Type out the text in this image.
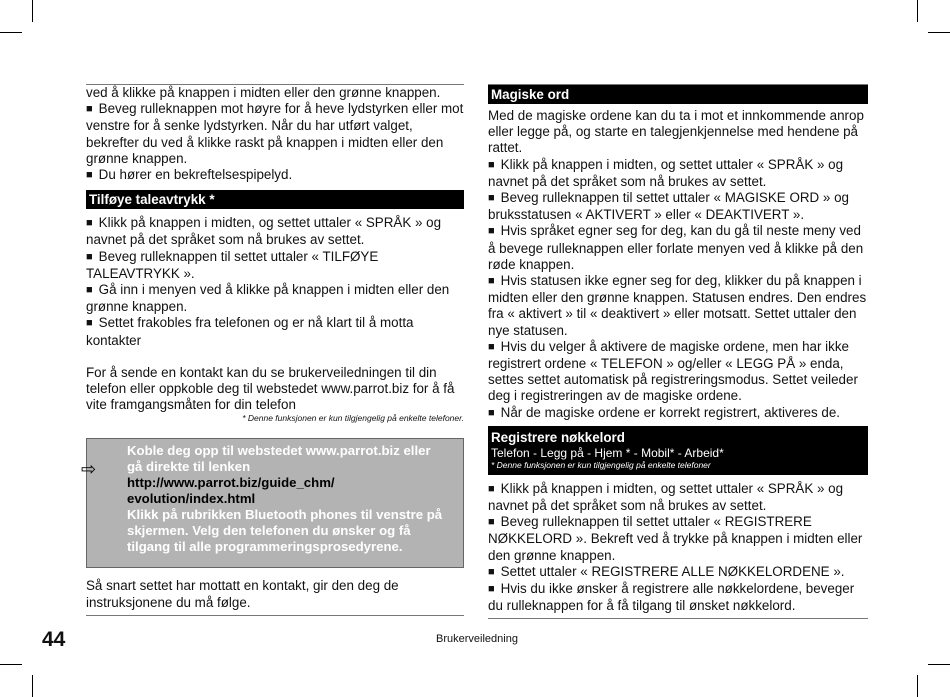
ved å klikke på knappen i midten eller den grønne knappen.

■ Beveg rulleknappen mot høyre for å heve lydstyrken eller mot venstre for å senke lydstyrken. Når du har utført valget, bekrefter du ved å klikke raskt på knappen i midten eller den grønne knappen.

■ Du hører en bekreftelsespipelyd.

Tilføye taleavtrykk *

■ Klikk på knappen i midten, og settet uttaler « SPRÅK » og navnet på det språket som nå brukes av settet.

■ Beveg rulleknappen til settet uttaler « TILFØYE TALEAVTRYKK ».

■ Gå inn i menyen ved å klikke på knappen i midten eller den grønne knappen.

■ Settet frakobles fra telefonen og er nå klart til å motta kontakter

For å sende en kontakt kan du se brukerveiledningen til din telefon eller oppkoble deg til webstedet www.parrot.biz for å få vite framgangsmåten for din telefon

* Denne funksjonen er kun tilgjengelig på enkelte telefoner.
⇨
Koble deg opp til webstedet www.parrot.biz eller gå direkte til lenken http://www.parrot.biz/guide_chm/ evolution/index.html
Klikk på rubrikken Bluetooth phones til venstre på skjermen. Velg den telefonen du ønsker og få tilgang til alle programmeringsprosedyrene.

Så snart settet har mottatt en kontakt, gir den deg de instruksjonene du må følge.

Magiske ord

Med de magiske ordene kan du ta i mot et innkommende anrop eller legge på, og starte en talegjenkjennelse med hendene på rattet.

■ Klikk på knappen i midten, og settet uttaler « SPRÅK » og navnet på det språket som nå brukes av settet.

■ Beveg rulleknappen til settet uttaler « MAGISKE ORD » og bruksstatusen « AKTIVERT » eller « DEAKTIVERT ».

■ Hvis språket egner seg for deg, kan du gå til neste meny ved å bevege rulleknappen eller forlate menyen ved å klikke på den røde knappen.

■ Hvis statusen ikke egner seg for deg, klikker du på knappen i midten eller den grønne knappen. Statusen endres. Den endres fra « aktivert » til « deaktivert » eller motsatt. Settet uttaler den nye statusen.

■ Hvis du velger å aktivere de magiske ordene, men har ikke registrert ordene « TELEFON » og/eller « LEGG PÅ » enda, settes settet automatisk på registreringsmodus. Settet veileder deg i registreringen av de magiske ordene.

■ Når de magiske ordene er korrekt registrert, aktiveres de.

Registrere nøkkelord
Telefon - Legg på - Hjem * - Mobil* - Arbeid*
* Denne funksjonen er kun tilgjengelig på enkelte telefoner

■ Klikk på knappen i midten, og settet uttaler « SPRÅK » og navnet på det språket som nå brukes av settet.

■ Beveg rulleknappen til settet uttaler « REGISTRERE NØKKELORD ». Bekreft ved å trykke på knappen i midten eller den grønne knappen.

■ Settet uttaler « REGISTRERE ALLE NØKKELORDENE ».

■ Hvis du ikke ønsker å registrere alle nøkkelordene, beveger du rulleknappen for å få tilgang til ønsket nøkkelord.

44	Brukerveiledning
